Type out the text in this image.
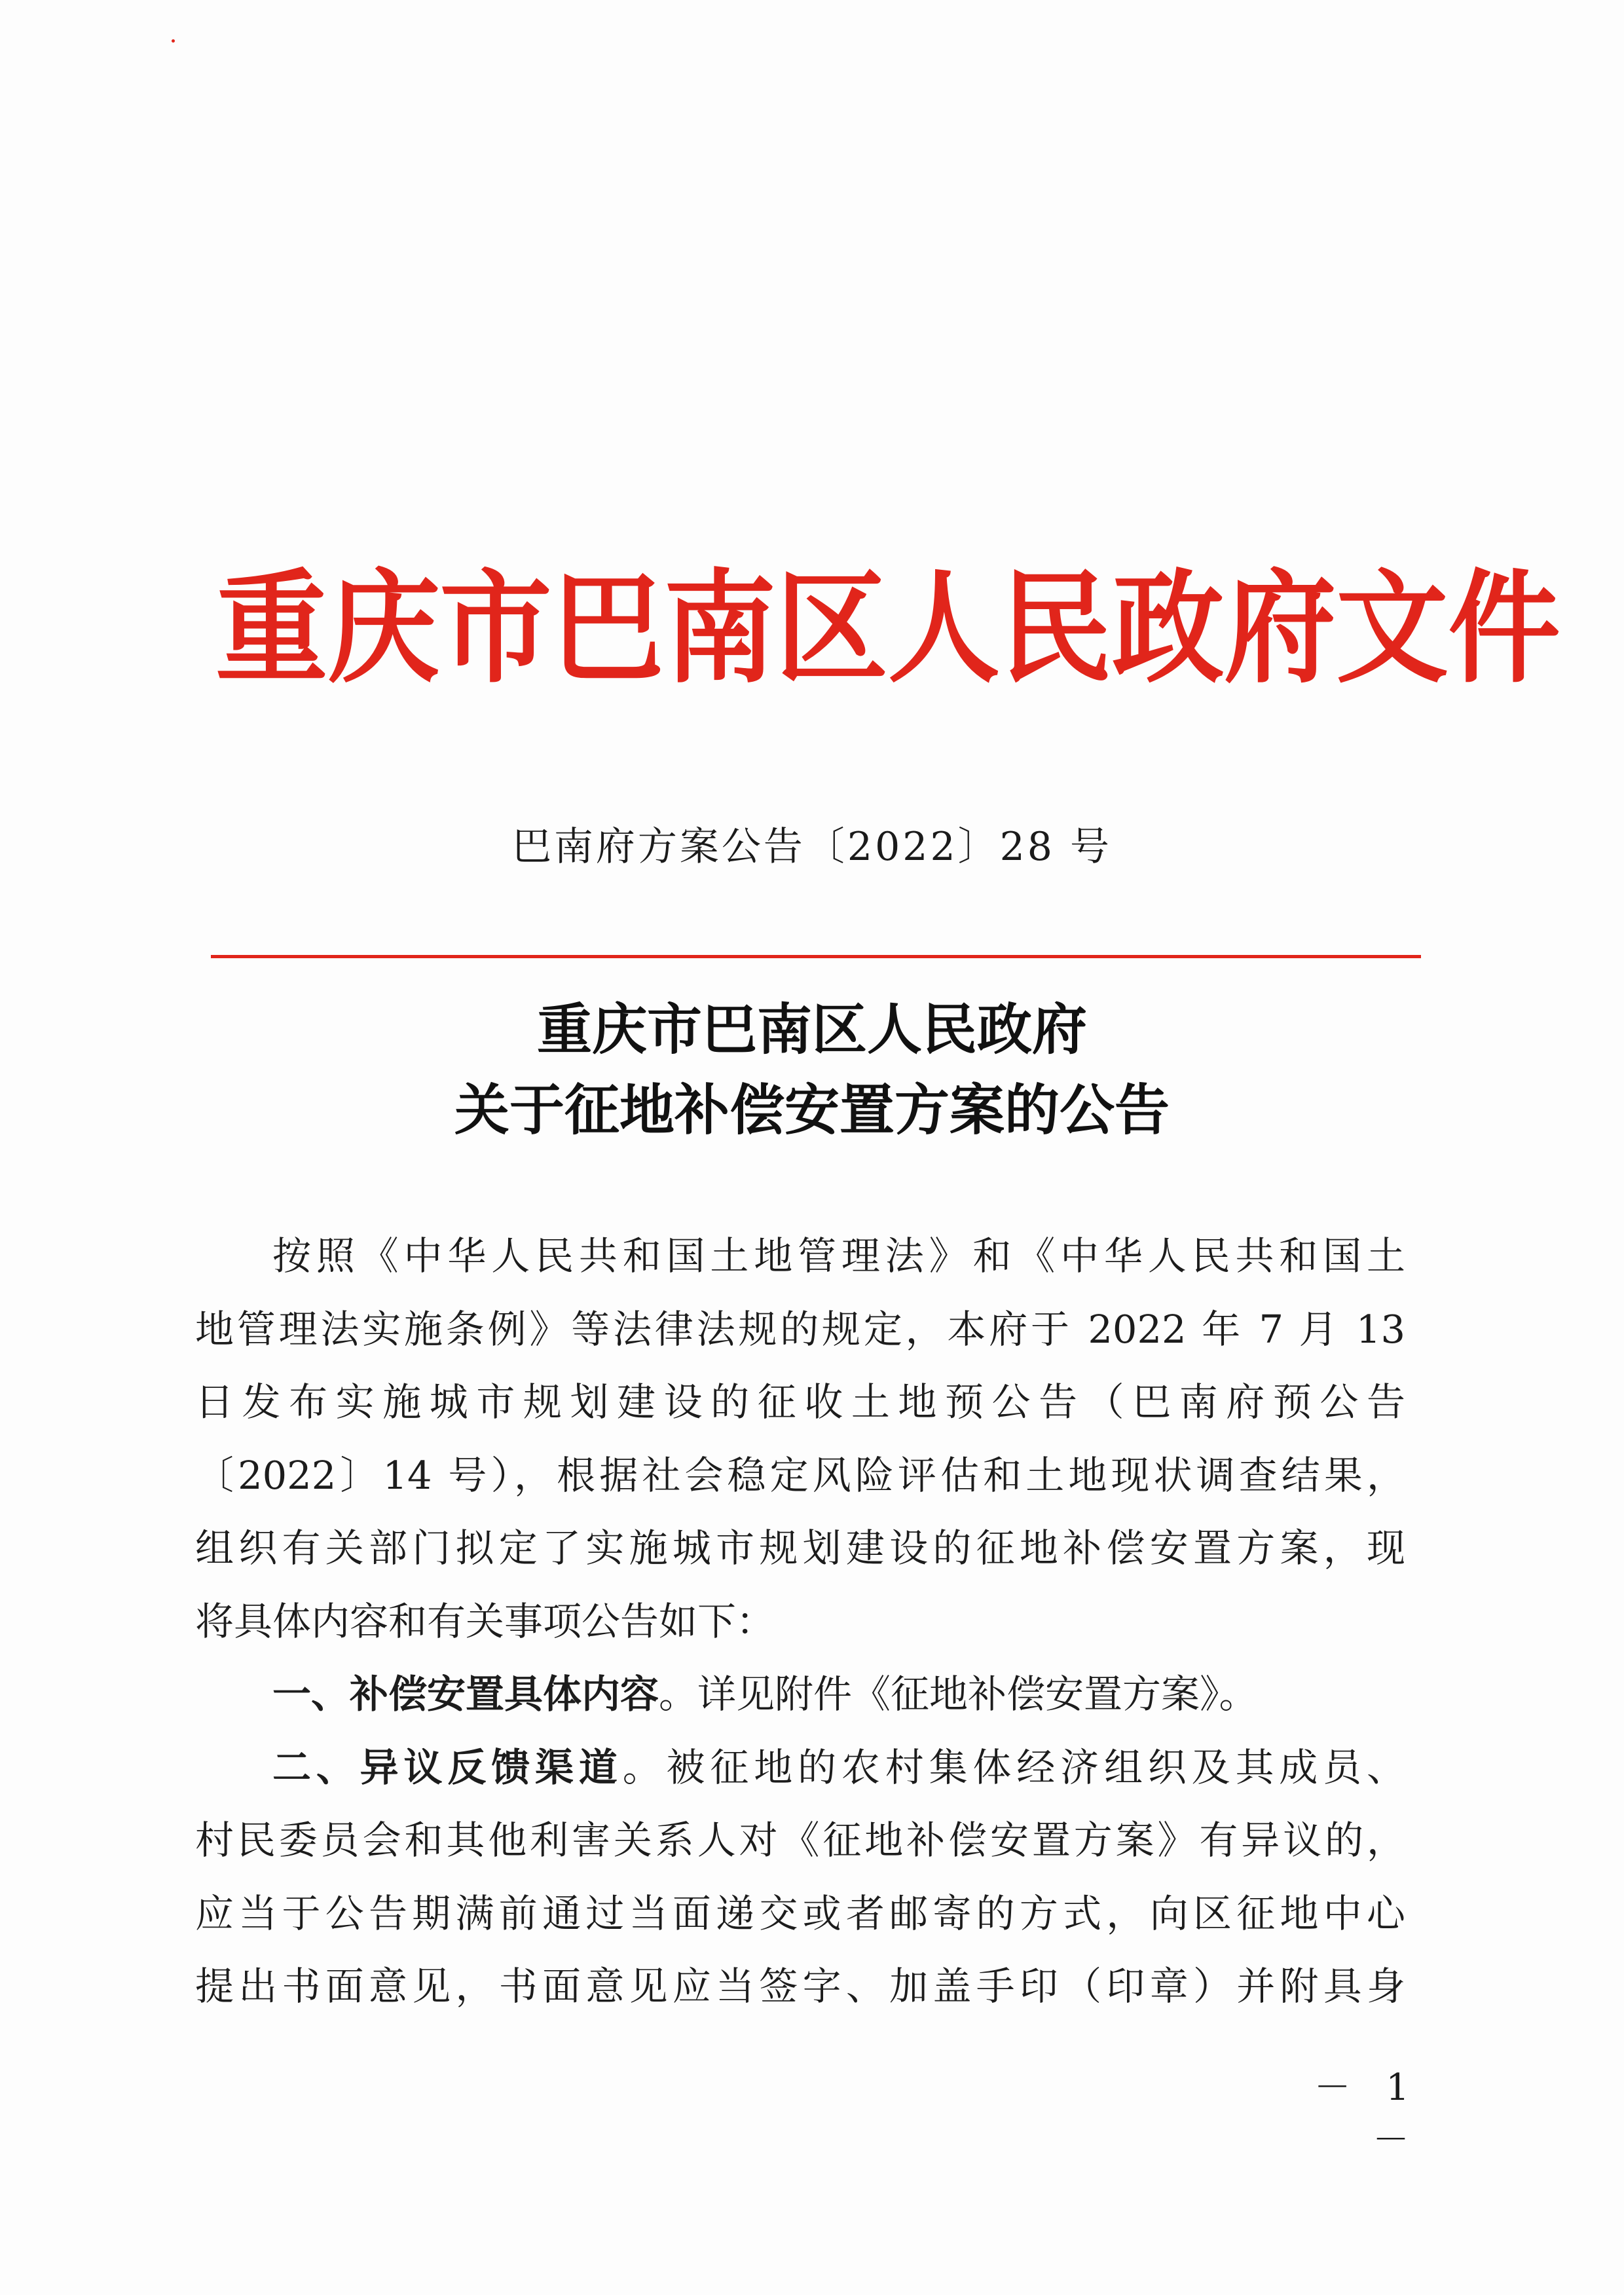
重庆市巴南区人民政府文件
巴南府方案公告〔2022〕28 号
重庆市巴南区人民政府
关于征地补偿安置方案的公告
按照《中华人民共和国土地管理法》和《中华人民共和国土
地管理法实施条例》等法律法规的规定，本府于 2022 年 7 月 13
日发布实施城市规划建设的征收土地预公告（巴南府预公告
〔2022〕14 号），根据社会稳定风险评估和土地现状调查结果，
组织有关部门拟定了实施城市规划建设的征地补偿安置方案，现
将具体内容和有关事项公告如下：
一、补偿安置具体内容。详见附件《征地补偿安置方案》。
二、异议反馈渠道。被征地的农村集体经济组织及其成员、
村民委员会和其他利害关系人对《征地补偿安置方案》有异议的，
应当于公告期满前通过当面递交或者邮寄的方式，向区征地中心
提出书面意见，书面意见应当签字、加盖手印（印章）并附具身
－ 1 －
